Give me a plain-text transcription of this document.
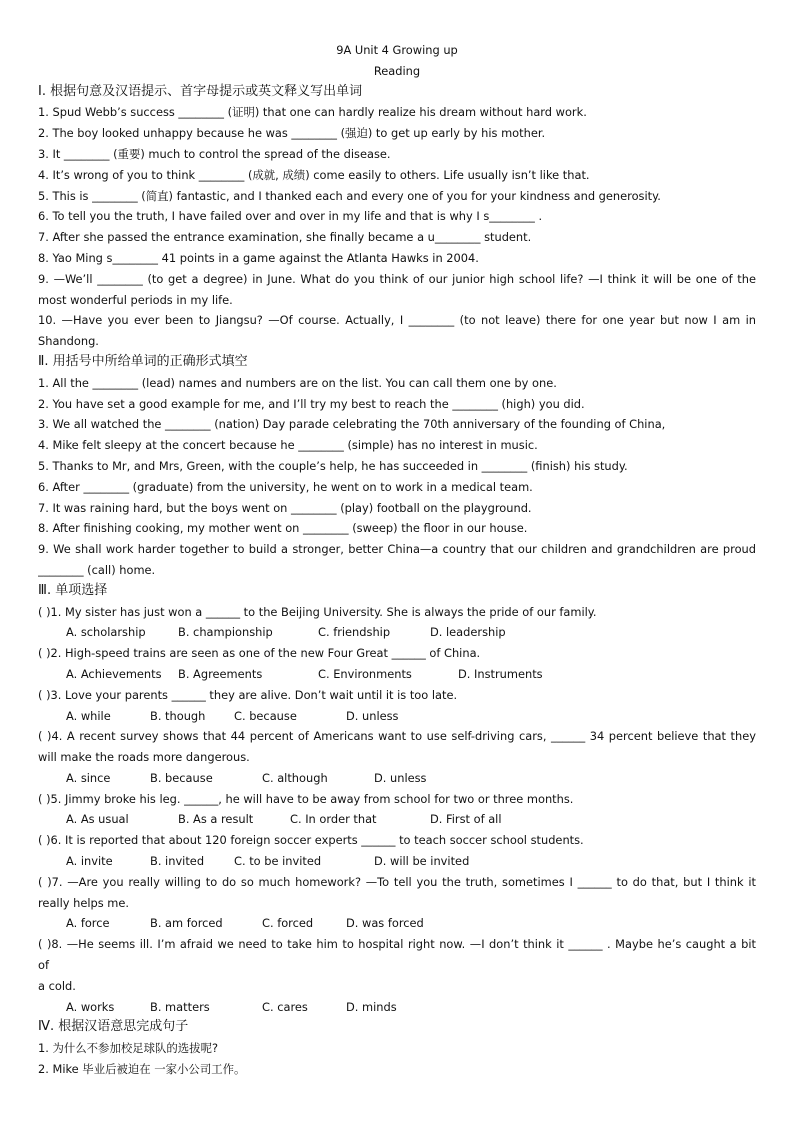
9A Unit 4 Growing up
Reading
Ⅰ. 根据句意及汉语提示、首字母提示或英文释义写出单词
1. Spud Webb’s success ________ (证明) that one can hardly realize his dream without hard work.
2. The boy looked unhappy because he was ________ (强迫) to get up early by his mother.
3. It ________ (重要) much to control the spread of the disease.
4. It’s wrong of you to think ________ (成就, 成绩) come easily to others. Life usually isn’t like that.
5. This is ________ (简直) fantastic, and I thanked each and every one of you for your kindness and generosity.
6. To tell you the truth, I have failed over and over in my life and that is why I s________ .
7. After she passed the entrance examination, she finally became a u________ student.
8. Yao Ming s________ 41 points in a game against the Atlanta Hawks in 2004.
9. —We’ll ________ (to get a degree) in June. What do you think of our junior high school life? —I think it will be one of the
most wonderful periods in my life.
10. —Have you ever been to Jiangsu? —Of course. Actually, I ________ (to not leave) there for one year but now I am in
Shandong.
Ⅱ. 用括号中所给单词的正确形式填空
1. All the ________ (lead) names and numbers are on the list. You can call them one by one.
2. You have set a good example for me, and I’ll try my best to reach the ________ (high) you did.
3. We all watched the ________ (nation) Day parade celebrating the 70th anniversary of the founding of China,
4. Mike felt sleepy at the concert because he ________ (simple) has no interest in music.
5. Thanks to Mr, and Mrs, Green, with the couple’s help, he has succeeded in ________ (finish) his study.
6. After ________ (graduate) from the university, he went on to work in a medical team.
7. It was raining hard, but the boys went on ________ (play) football on the playground.
8. After finishing cooking, my mother went on ________ (sweep) the floor in our house.
9. We shall work harder together to build a stronger, better China—a country that our children and grandchildren are proud
________ (call) home.
Ⅲ. 单项选择
( )1. My sister has just won a ______ to the Beijing University. She is always the pride of our family.
A. scholarship	B. championship	C. friendship	D. leadership
( )2. High-speed trains are seen as one of the new Four Great ______ of China.
A. Achievements	B. Agreements	C. Environments	D. Instruments
( )3. Love your parents ______ they are alive. Don’t wait until it is too late.
A. while	B. though	C. because	D. unless
( )4. A recent survey shows that 44 percent of Americans want to use self-driving cars, ______ 34 percent believe that they
will make the roads more dangerous.
A. since	B. because	C. although	D. unless
( )5. Jimmy broke his leg. ______, he will have to be away from school for two or three months.
A. As usual	B. As a result	C. In order that	D. First of all
( )6. It is reported that about 120 foreign soccer experts ______ to teach soccer school students.
A. invite	B. invited	C. to be invited	D. will be invited
( )7. —Are you really willing to do so much homework? —To tell you the truth, sometimes I ______ to do that, but I think it
really helps me.
A. force	B. am forced	C. forced	D. was forced
( )8. —He seems ill. I’m afraid we need to take him to hospital right now. —I don’t think it ______ . Maybe he’s caught a bit
of
a cold.
A. works	B. matters	C. cares	D. minds
Ⅳ. 根据汉语意思完成句子
1. 为什么不参加校足球队的选拔呢?
2. Mike 毕业后被迫在 一家小公司工作。
